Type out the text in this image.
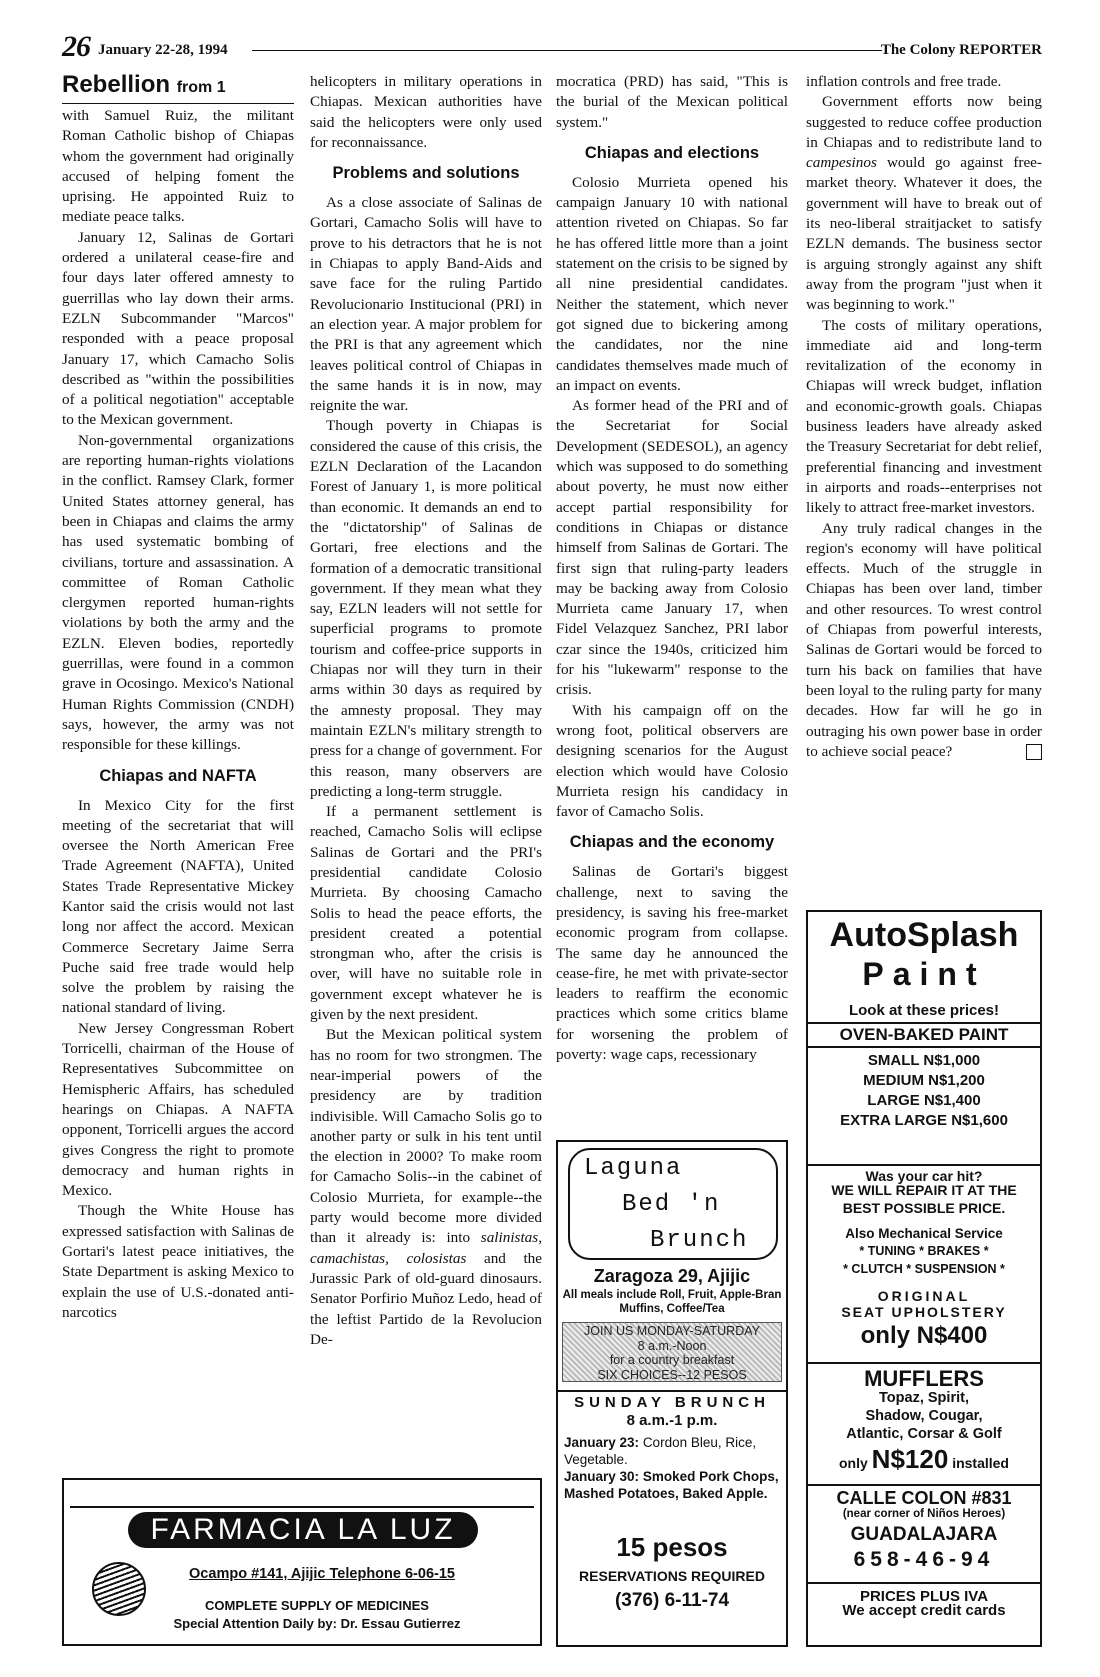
26 January 22-28, 1994	The Colony REPORTER
Rebellion from 1

with Samuel Ruiz, the militant Roman Catholic bishop of Chiapas whom the government had originally accused of helping foment the uprising. He appointed Ruiz to mediate peace talks.

January 12, Salinas de Gortari ordered a unilateral cease-fire and four days later offered amnesty to guerrillas who lay down their arms. EZLN Subcommander "Marcos" responded with a peace proposal January 17, which Camacho Solis described as "within the possibilities of a political negotiation" acceptable to the Mexican government.

Non-governmental organizations are reporting human-rights violations in the conflict. Ramsey Clark, former United States attorney general, has been in Chiapas and claims the army has used systematic bombing of civilians, torture and assassination. A committee of Roman Catholic clergymen reported human-rights violations by both the army and the EZLN. Eleven bodies, reportedly guerrillas, were found in a common grave in Ocosingo. Mexico's National Human Rights Commission (CNDH) says, however, the army was not responsible for these killings.

Chiapas and NAFTA

In Mexico City for the first meeting of the secretariat that will oversee the North American Free Trade Agreement (NAFTA), United States Trade Representative Mickey Kantor said the crisis would not last long nor affect the accord. Mexican Commerce Secretary Jaime Serra Puche said free trade would help solve the problem by raising the national standard of living.

New Jersey Congressman Robert Torricelli, chairman of the House of Representatives Subcommittee on Hemispheric Affairs, has scheduled hearings on Chiapas. A NAFTA opponent, Torricelli argues the accord gives Congress the right to promote democracy and human rights in Mexico.

Though the White House has expressed satisfaction with Salinas de Gortari's latest peace initiatives, the State Department is asking Mexico to explain the use of U.S.-donated anti-narcotics

helicopters in military operations in Chiapas. Mexican authorities have said the helicopters were only used for reconnaissance.

Problems and solutions

As a close associate of Salinas de Gortari, Camacho Solis will have to prove to his detractors that he is not in Chiapas to apply Band-Aids and save face for the ruling Partido Revolucionario Institucional (PRI) in an election year. A major problem for the PRI is that any agreement which leaves political control of Chiapas in the same hands it is in now, may reignite the war.

Though poverty in Chiapas is considered the cause of this crisis, the EZLN Declaration of the Lacandon Forest of January 1, is more political than economic. It demands an end to the "dictatorship" of Salinas de Gortari, free elections and the formation of a democratic transitional government. If they mean what they say, EZLN leaders will not settle for superficial programs to promote tourism and coffee-price supports in Chiapas nor will they turn in their arms within 30 days as required by the amnesty proposal. They may maintain EZLN's military strength to press for a change of government. For this reason, many observers are predicting a long-term struggle.

If a permanent settlement is reached, Camacho Solis will eclipse Salinas de Gortari and the PRI's presidential candidate Colosio Murrieta. By choosing Camacho Solis to head the peace efforts, the president created a potential strongman who, after the crisis is over, will have no suitable role in government except whatever he is given by the next president.

But the Mexican political system has no room for two strongmen. The near-imperial powers of the presidency are by tradition indivisible. Will Camacho Solis go to another party or sulk in his tent until the election in 2000? To make room for Camacho Solis--in the cabinet of Colosio Murrieta, for example--the party would become more divided than it already is: into salinistas, camachistas, colosistas and the Jurassic Park of old-guard dinosaurs. Senator Porfirio Muñoz Ledo, head of the leftist Partido de la Revolucion De-

mocratica (PRD) has said, "This is the burial of the Mexican political system."

Chiapas and elections

Colosio Murrieta opened his campaign January 10 with national attention riveted on Chiapas. So far he has offered little more than a joint statement on the crisis to be signed by all nine presidential candidates. Neither the statement, which never got signed due to bickering among the candidates, nor the nine candidates themselves made much of an impact on events.

As former head of the PRI and of the Secretariat for Social Development (SEDESOL), an agency which was supposed to do something about poverty, he must now either accept partial responsibility for conditions in Chiapas or distance himself from Salinas de Gortari. The first sign that ruling-party leaders may be backing away from Colosio Murrieta came January 17, when Fidel Velazquez Sanchez, PRI labor czar since the 1940s, criticized him for his "lukewarm" response to the crisis.

With his campaign off on the wrong foot, political observers are designing scenarios for the August election which would have Colosio Murrieta resign his candidacy in favor of Camacho Solis.

Chiapas and the economy

Salinas de Gortari's biggest challenge, next to saving the presidency, is saving his free-market economic program from collapse. The same day he announced the cease-fire, he met with private-sector leaders to reaffirm the economic practices which some critics blame for worsening the problem of poverty: wage caps, recessionary

inflation controls and free trade.

Government efforts now being suggested to reduce coffee production in Chiapas and to redistribute land to campesinos would go against free-market theory. Whatever it does, the government will have to break out of its neo-liberal straitjacket to satisfy EZLN demands. The business sector is arguing strongly against any shift away from the program "just when it was beginning to work."

The costs of military operations, immediate aid and long-term revitalization of the economy in Chiapas will wreck budget, inflation and economic-growth goals. Chiapas business leaders have already asked the Treasury Secretariat for debt relief, preferential financing and investment in airports and roads--enterprises not likely to attract free-market investors.

Any truly radical changes in the region's economy will have political effects. Much of the struggle in Chiapas has been over land, timber and other resources. To wrest control of Chiapas from powerful interests, Salinas de Gortari would be forced to turn his back on families that have been loyal to the ruling party for many decades. How far will he go in outraging his own power base in order to achieve social peace?

FARMACIA LA LUZ
Ocampo #141, Ajijic Telephone 6-06-15
COMPLETE SUPPLY OF MEDICINES
Special Attention Daily by: Dr. Essau Gutierrez
Laguna
Bed 'n
Brunch
Zaragoza 29, Ajijic
All meals include Roll, Fruit, Apple-Bran Muffins, Coffee/Tea
JOIN US MONDAY-SATURDAY
8 a.m.-Noon
for a country breakfast
SIX CHOICES--12 PESOS
SUNDAY BRUNCH
8 a.m.-1 p.m.
January 23: Cordon Bleu, Rice, Vegetable.
January 30: Smoked Pork Chops, Mashed Potatoes, Baked Apple.
15 pesos
RESERVATIONS REQUIRED
(376) 6-11-74
AutoSplash
Paint
Look at these prices!
OVEN-BAKED PAINT
SMALL N$1,000
MEDIUM N$1,200
LARGE N$1,400
EXTRA LARGE N$1,600
Was your car hit?
WE WILL REPAIR IT AT THE
BEST POSSIBLE PRICE.
Also Mechanical Service
* TUNING * BRAKES *
* CLUTCH * SUSPENSION *
ORIGINAL
SEAT UPHOLSTERY
only N$400
MUFFLERS
Topaz, Spirit,
Shadow, Cougar,
Atlantic, Corsar & Golf
only N$120 installed
CALLE COLON #831
(near corner of Niños Heroes)
GUADALAJARA
658-46-94
PRICES PLUS IVA
We accept credit cards
